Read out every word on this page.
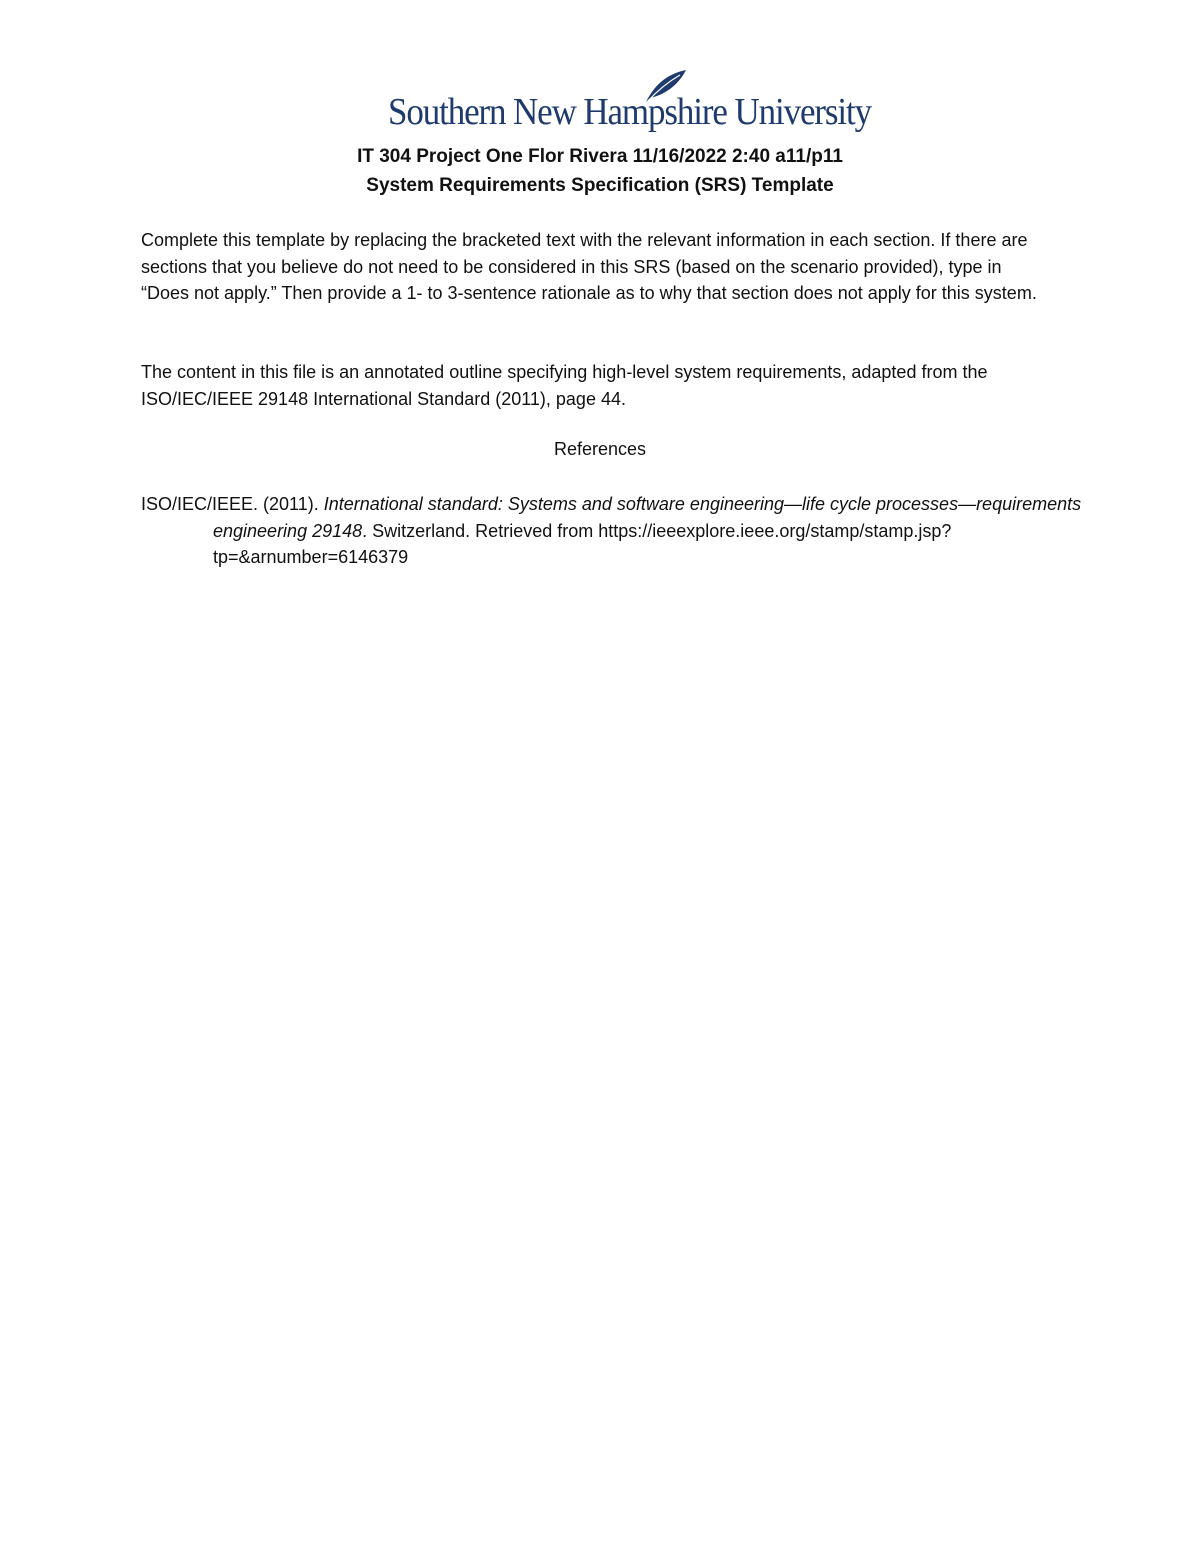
Southern New Hampshire University
IT 304 Project One Flor Rivera 11/16/2022 2:40 a11/p11
System Requirements Specification (SRS) Template
Complete this template by replacing the bracketed text with the relevant information in each section. If there are sections that you believe do not need to be considered in this SRS (based on the scenario provided), type in “Does not apply.” Then provide a 1- to 3-sentence rationale as to why that section does not apply for this system.
The content in this file is an annotated outline specifying high-level system requirements, adapted from the ISO/IEC/IEEE 29148 International Standard (2011), page 44.
References
ISO/IEC/IEEE. (2011). International standard: Systems and software engineering—life cycle processes—requirements engineering 29148. Switzerland. Retrieved from https://ieeexplore.ieee.org/stamp/stamp.jsp?tp=&arnumber=6146379
